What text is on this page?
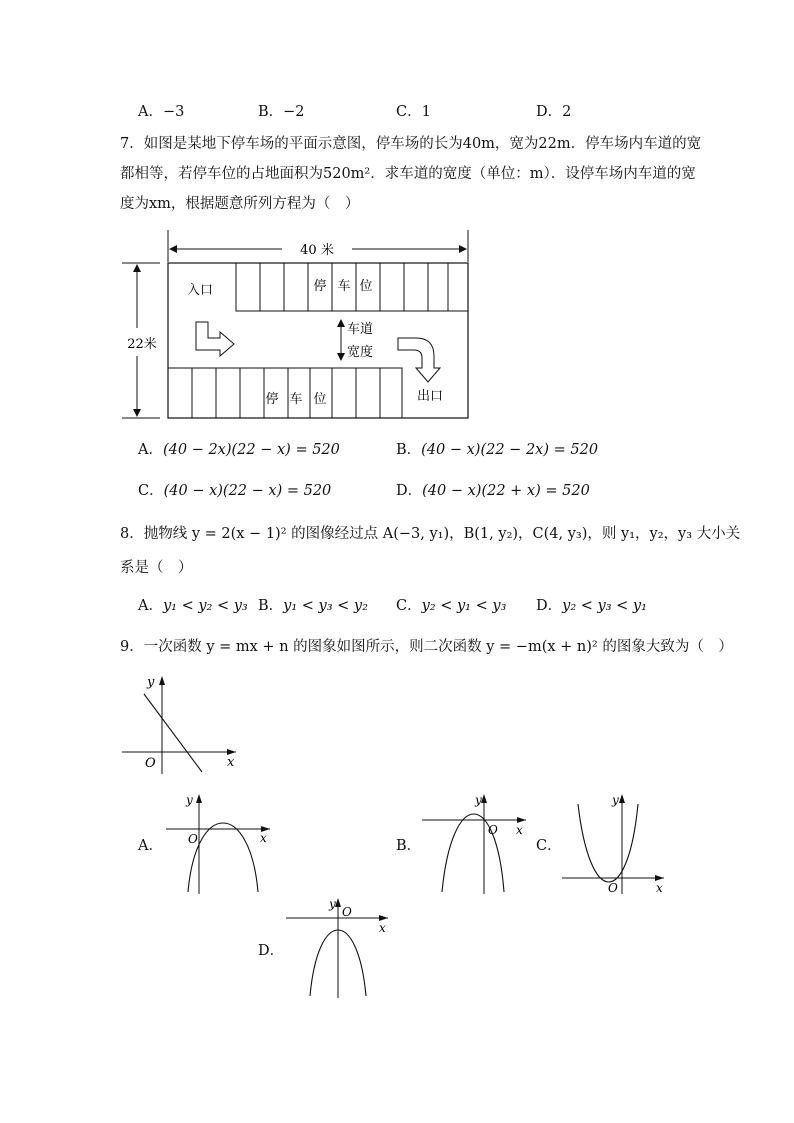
A．−3	B．−2	C．1	D．2
7．如图是某地下停车场的平面示意图，停车场的长为40m，宽为22m．停车场内车道的宽
都相等，若停车位的占地面积为520m²．求车道的宽度（单位：m）．设停车场内车道的宽
度为xm，根据题意所列方程为（　）
40 米
22米
停 车 位
入口
停 车 位	出口
车道
宽度
A．(40 − 2x)(22 − x) = 520	B．(40 − x)(22 − 2x) = 520
C．(40 − x)(22 − x) = 520	D．(40 − x)(22 + x) = 520
8．抛物线 y = 2(x − 1)² 的图像经过点 A(−3, y₁)，B(1, y₂)，C(4, y₃)，则 y₁，y₂，y₃ 大小关
系是（　）
A．y₁ < y₂ < y₃ B．y₁ < y₃ < y₂ C．y₂ < y₁ < y₃ D．y₂ < y₃ < y₁
9．一次函数 y = mx + n 的图象如图所示，则二次函数 y = −m(x + n)² 的图象大致为（　）
y
x
O
A．
y
x
O	B．
y
x
O
C．
y
x
O
D．
y
x
O
